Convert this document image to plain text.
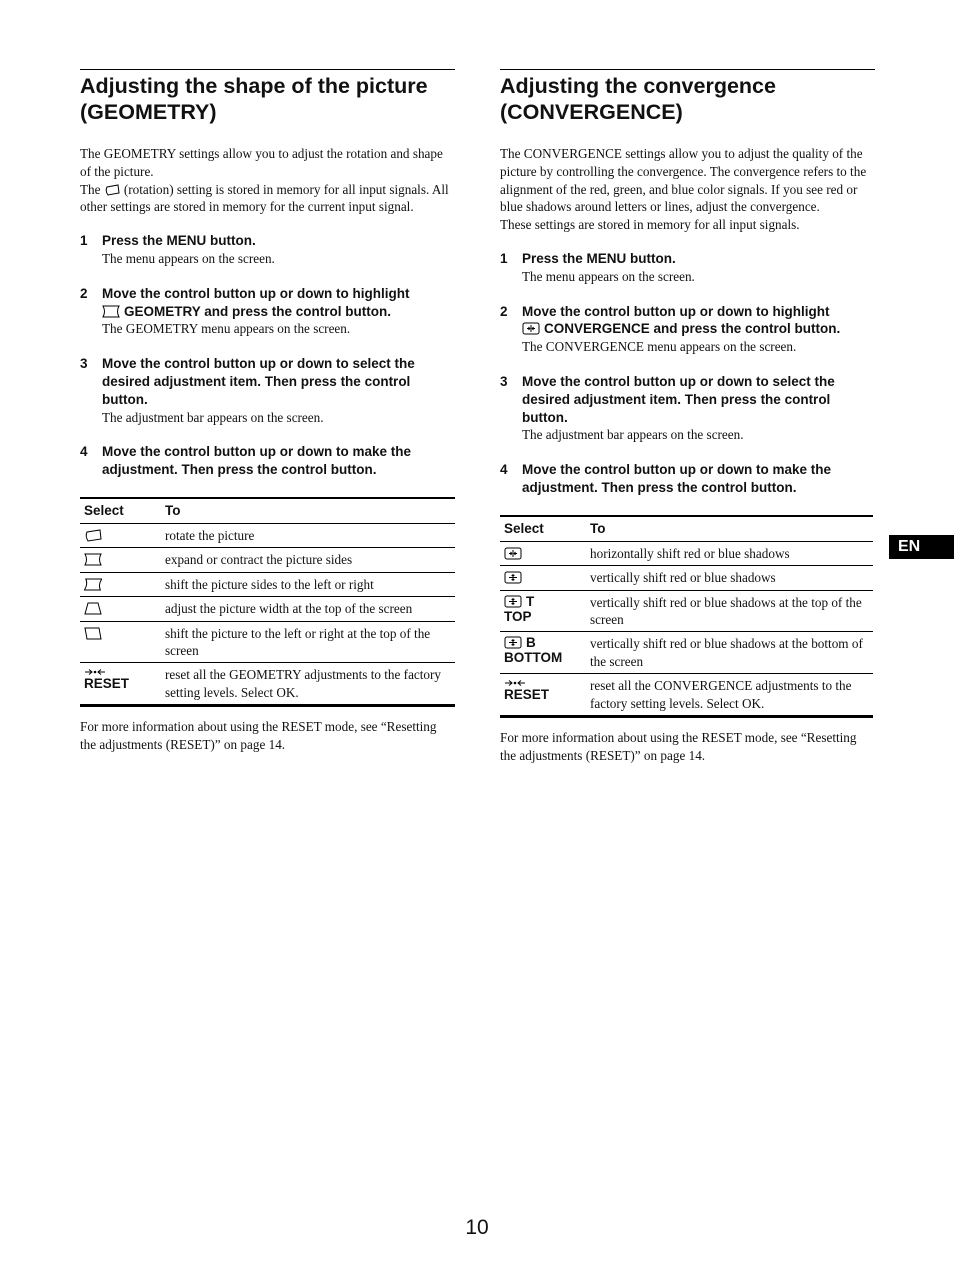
Adjusting the shape of the picture
(GEOMETRY)

The GEOMETRY settings allow you to adjust the rotation and shape of the picture.

The (rotation) setting is stored in memory for all input signals. All other settings are stored in memory for the current input signal.

1	Press the MENU button.
The menu appears on the screen.
2	Move the control button up or down to highlight
GEOMETRY and press the control button.
The GEOMETRY menu appears on the screen.
3	Move the control button up or down to select the desired adjustment item. Then press the control button.
The adjustment bar appears on the screen.
4	Move the control button up or down to make the adjustment. Then press the control button.
Select	To
	rotate the picture
	expand or contract the picture sides
	shift the picture sides to the left or right
	adjust the picture width at the top of the screen
	shift the picture to the left or right at the top of the screen

RESET	reset all the GEOMETRY adjustments to the factory setting levels. Select OK.
For more information about using the RESET mode, see “Resetting the adjustments (RESET)” on page 14.
Adjusting the convergence
(CONVERGENCE)

The CONVERGENCE settings allow you to adjust the quality of the picture by controlling the convergence. The convergence refers to the alignment of the red, green, and blue color signals. If you see red or blue shadows around letters or lines, adjust the convergence.

These settings are stored in memory for all input signals.

1	Press the MENU button.
The menu appears on the screen.
2	Move the control button up or down to highlight
CONVERGENCE and press the control button.
The CONVERGENCE menu appears on the screen.
3	Move the control button up or down to select the desired adjustment item. Then press the control button.
The adjustment bar appears on the screen.
4	Move the control button up or down to make the adjustment. Then press the control button.
Select	To
	horizontally shift red or blue shadows
	vertically shift red or blue shadows

T
TOP	vertically shift red or blue shadows at the top of the screen

B
BOTTOM	vertically shift red or blue shadows at the bottom of the screen

RESET	reset all the CONVERGENCE adjustments to the factory setting levels. Select OK.
For more information about using the RESET mode, see “Resetting the adjustments (RESET)” on page 14.
EN
10
